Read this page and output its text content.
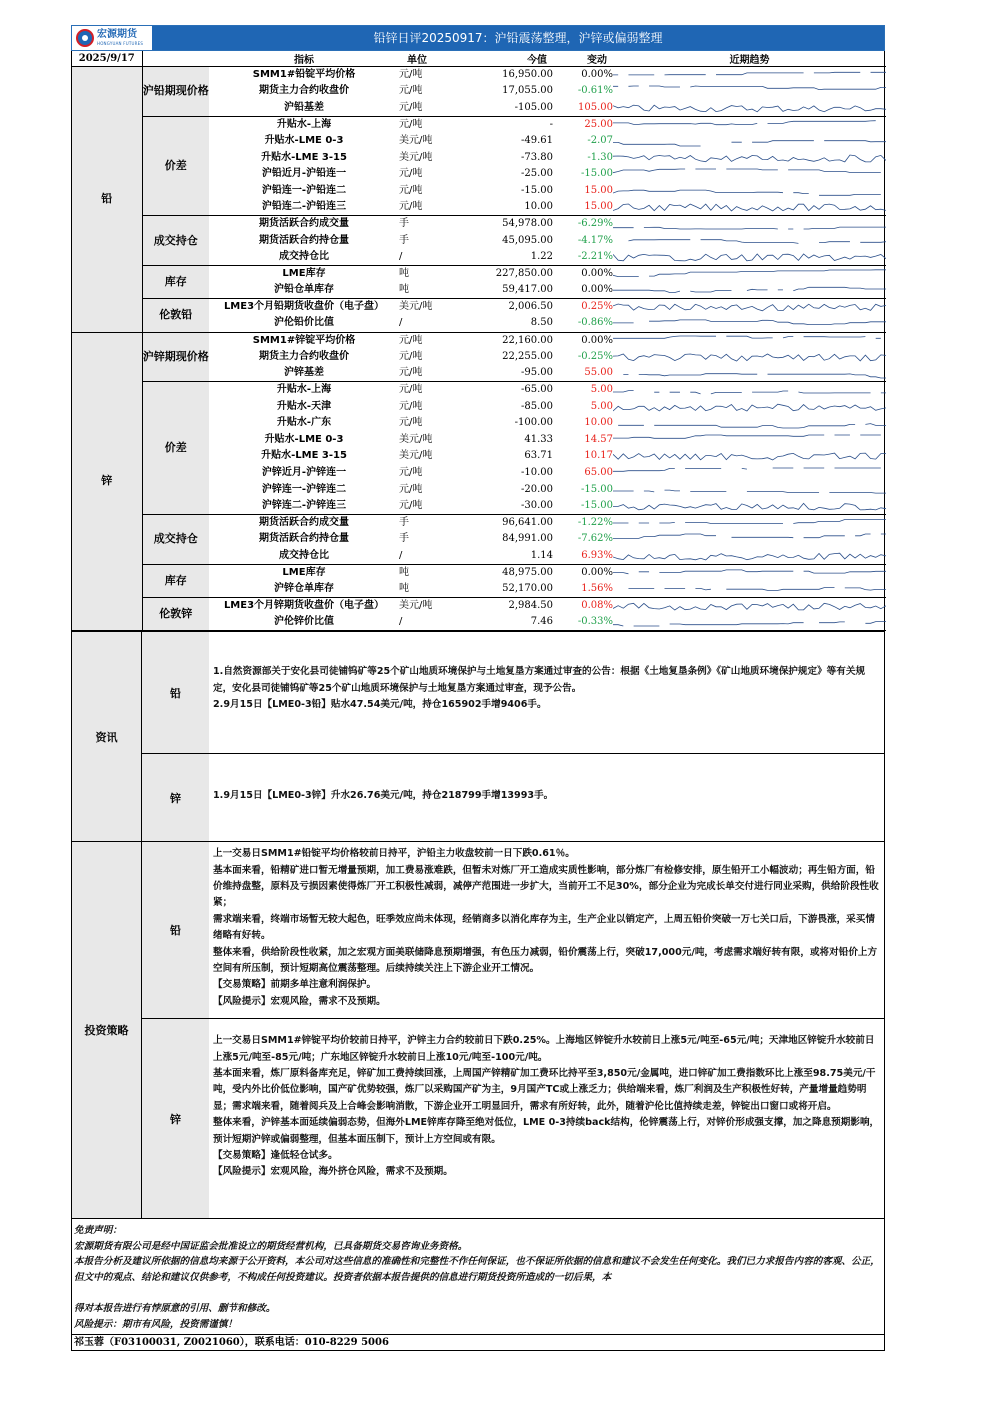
宏源期货
HONGYUAN FUTURES	铅锌日评20250917：沪铅震荡整理，沪锌或偏弱整理
2025/9/17		指标	单位	今值	变动	近期趋势
铅	沪铅期现价格	SMM1#铅锭平均价格	元/吨	16,950.00	0.00%	

		期货主力合约收盘价	元/吨	17,055.00	-0.61%	

		沪铅基差	元/吨	-105.00	105.00	

	价差	升贴水-上海	元/吨	-	25.00	

		升贴水-LME 0-3	美元/吨	-49.61	-2.07	

		升贴水-LME 3-15	美元/吨	-73.80	-1.30	

		沪铅近月-沪铅连一	元/吨	-25.00	-15.00	

		沪铅连一-沪铅连二	元/吨	-15.00	15.00	

		沪铅连二-沪铅连三	元/吨	10.00	15.00	

	成交持仓	期货活跃合约成交量	手	54,978.00	-6.29%	

		期货活跃合约持仓量	手	45,095.00	-4.17%	

		成交持仓比	/	1.22	-2.21%	

	库存	LME库存	吨	227,850.00	0.00%	

		沪铅仓单库存	吨	59,417.00	0.00%	

	伦敦铅	LME3个月铅期货收盘价（电子盘）	美元/吨	2,006.50	0.25%	

		沪伦铅价比值	/	8.50	-0.86%	

锌	沪锌期现价格	SMM1#锌锭平均价格	元/吨	22,160.00	0.00%	

		期货主力合约收盘价	元/吨	22,255.00	-0.25%	

		沪锌基差	元/吨	-95.00	55.00	

	价差	升贴水-上海	元/吨	-65.00	5.00	

		升贴水-天津	元/吨	-85.00	5.00	

		升贴水-广东	元/吨	-100.00	10.00	

		升贴水-LME 0-3	美元/吨	41.33	14.57	

		升贴水-LME 3-15	美元/吨	63.71	10.17	

		沪锌近月-沪锌连一	元/吨	-10.00	65.00	

		沪锌连一-沪锌连二	元/吨	-20.00	-15.00	

		沪锌连二-沪锌连三	元/吨	-30.00	-15.00	

	成交持仓	期货活跃合约成交量	手	96,641.00	-1.22%	

		期货活跃合约持仓量	手	84,991.00	-7.62%	

		成交持仓比	/	1.14	6.93%	

	库存	LME库存	吨	48,975.00	0.00%	

		沪锌仓单库存	吨	52,170.00	1.56%	

	伦敦锌	LME3个月锌期货收盘价（电子盘）	美元/吨	2,984.50	0.08%	

		沪伦锌价比值	/	7.46	-0.33%	
资讯
铅

1.自然资源部关于安化县司徒铺钨矿等25个矿山地质环境保护与土地复垦方案通过审查的公告：根据《土地复垦条例》《矿山地质环境保护规定》等有关规定，安化县司徒铺钨矿等25个矿山地质环境保护与土地复垦方案通过审查，现予公告。

2.9月15日【LME0-3铅】贴水47.54美元/吨，持仓165902手增9406手。

锌	1.9月15日【LME0-3锌】升水26.76美元/吨，持仓218799手增13993手。

投资策略
铅

上一交易日SMM1#铅锭平均价格较前日持平，沪铅主力收盘较前一日下跌0.61％。

基本面来看，铅精矿进口暂无增量预期，加工费易涨难跌，但暂未对炼厂开工造成实质性影响，部分炼厂有检修安排，原生铅开工小幅波动；再生铅方面，铅价维持盘整，原料及亏损因素使得炼厂开工积极性减弱，减停产范围进一步扩大，当前开工不足30%，部分企业为完成长单交付进行同业采购，供给阶段性收紧；

需求端来看，终端市场暂无较大起色，旺季效应尚未体现，经销商多以消化库存为主，生产企业以销定产，上周五铅价突破一万七关口后，下游畏涨，采买情绪略有好转。

整体来看，供给阶段性收紧，加之宏观方面美联储降息预期增强，有色压力减弱，铅价震荡上行，突破17,000元/吨，考虑需求端好转有限，或将对铅价上方空间有所压制，预计短期高位震荡整理。后续持续关注上下游企业开工情况。

【交易策略】前期多单注意利润保护。

【风险提示】宏观风险，需求不及预期。

锌

上一交易日SMM1#锌锭平均价较前日持平，沪锌主力合约较前日下跌0.25%。上海地区锌锭升水较前日上涨5元/吨至-65元/吨；天津地区锌锭升水较前日上涨5元/吨至-85元/吨；广东地区锌锭升水较前日上涨10元/吨至-100元/吨。

基本面来看，炼厂原料备库充足，锌矿加工费持续回涨，上周国产锌精矿加工费环比持平至3,850元/金属吨，进口锌矿加工费指数环比上涨至98.75美元/干吨，受内外比价低位影响，国产矿优势较强，炼厂以采购国产矿为主，9月国产TC或上涨乏力；供给端来看，炼厂利润及生产积极性好转，产量增量趋势明显；需求端来看，随着阅兵及上合峰会影响消散，下游企业开工明显回升，需求有所好转，此外，随着沪伦比值持续走差，锌锭出口窗口或将开启。

整体来看，沪锌基本面延续偏弱态势，但海外LME锌库存降至绝对低位，LME 0-3持续back结构，伦锌震荡上行，对锌价形成强支撑，加之降息预期影响，预计短期沪锌或偏弱整理，但基本面压制下，预计上方空间或有限。

【交易策略】逢低轻仓试多。

【风险提示】宏观风险，海外挤仓风险，需求不及预期。

免责声明：

宏源期货有限公司是经中国证监会批准设立的期货经营机构，已具备期货交易咨询业务资格。

本报告分析及建议所依据的信息均来源于公开资料，本公司对这些信息的准确性和完整性不作任何保证，也不保证所依据的信息和建议不会发生任何变化。我们已力求报告内容的客观、公正，但文中的观点、结论和建议仅供参考，不构成任何投资建议。投资者依据本报告提供的信息进行期货投资所造成的一切后果，本

得对本报告进行有悖原意的引用、删节和修改。

风险提示：期市有风险，投资需谨慎！

祁玉蓉（F03100031, Z0021060），联系电话：010-8229 5006
